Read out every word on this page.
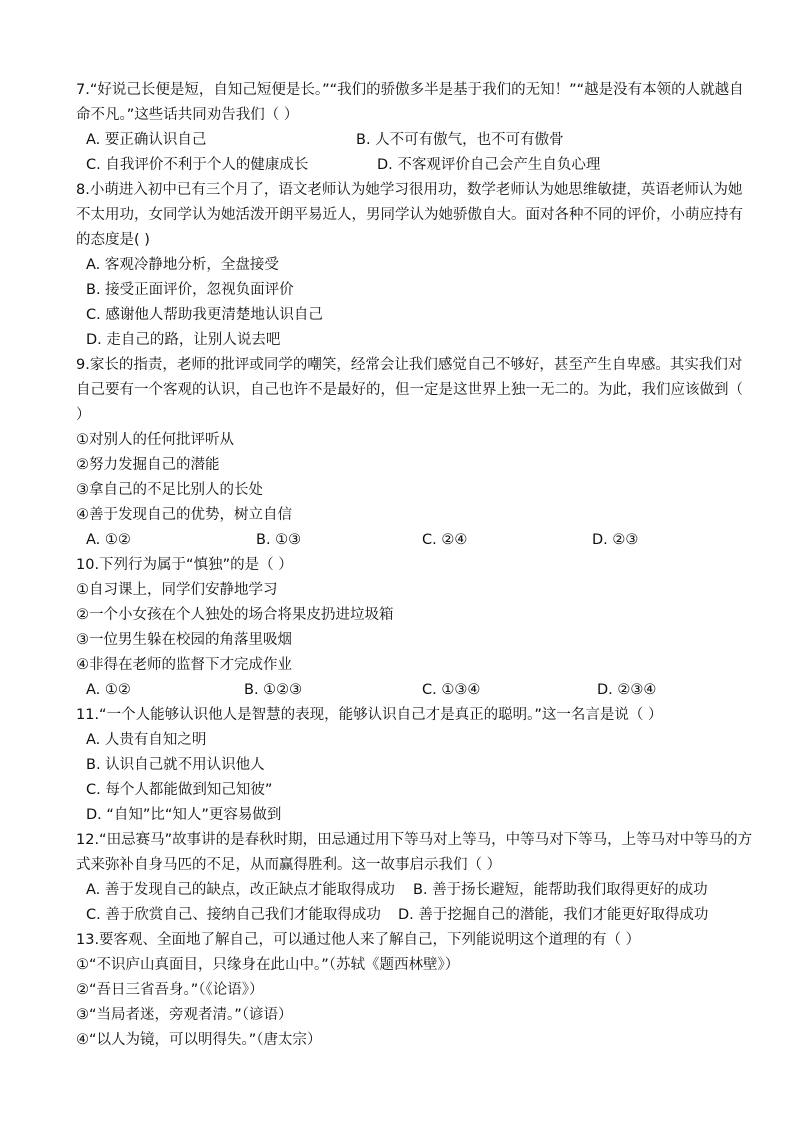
7.“好说己长便是短，自知己短便是长。”“我们的骄傲多半是基于我们的无知！”“越是没有本领的人就越自
命不凡。”这些话共同劝告我们（ ）
A. 要正确认识自己	B. 人不可有傲气，也不可有傲骨
C. 自我评价不利于个人的健康成长	D. 不客观评价自己会产生自负心理
8.小萌进入初中已有三个月了，语文老师认为她学习很用功，数学老师认为她思维敏捷，英语老师认为她
不太用功，女同学认为她活泼开朗平易近人，男同学认为她骄傲自大。面对各种不同的评价，小萌应持有
的态度是( )
A. 客观冷静地分析，全盘接受
B. 接受正面评价，忽视负面评价
C. 感谢他人帮助我更清楚地认识自己
D. 走自己的路，让别人说去吧
9.家长的指责，老师的批评或同学的嘲笑，经常会让我们感觉自己不够好，甚至产生自卑感。其实我们对
自己要有一个客观的认识，自己也许不是最好的，但一定是这世界上独一无二的。为此，我们应该做到（
）
①对别人的任何批评听从
②努力发掘自己的潜能
③拿自己的不足比别人的长处
④善于发现自己的优势，树立自信
A. ①②	B. ①③	C. ②④	D. ②③
10.下列行为属于“慎独”的是（ ）
①自习课上，同学们安静地学习
②一个小女孩在个人独处的场合将果皮扔进垃圾箱
③一位男生躲在校园的角落里吸烟
④非得在老师的监督下才完成作业
A. ①②	B. ①②③	C. ①③④	D. ②③④
11.“一个人能够认识他人是智慧的表现，能够认识自己才是真正的聪明。”这一名言是说（ ）
A. 人贵有自知之明
B. 认识自己就不用认识他人
C. 每个人都能做到知己知彼”
D. “自知”比“知人”更容易做到
12.“田忌赛马”故事讲的是春秋时期，田忌通过用下等马对上等马，中等马对下等马，上等马对中等马的方
式来弥补自身马匹的不足，从而赢得胜利。这一故事启示我们（ ）
A. 善于发现自己的缺点，改正缺点才能取得成功	B. 善于扬长避短，能帮助我们取得更好的成功
C. 善于欣赏自己、接纳自己我们才能取得成功	D. 善于挖掘自己的潜能，我们才能更好取得成功
13.要客观、全面地了解自己，可以通过他人来了解自己，下列能说明这个道理的有（ ）
①“不识庐山真面目，只缘身在此山中。”（苏轼《题西林壁》）
②“吾日三省吾身。”（《论语》）
③“当局者迷，旁观者清。”（谚语）
④“以人为镜，可以明得失。”（唐太宗）
